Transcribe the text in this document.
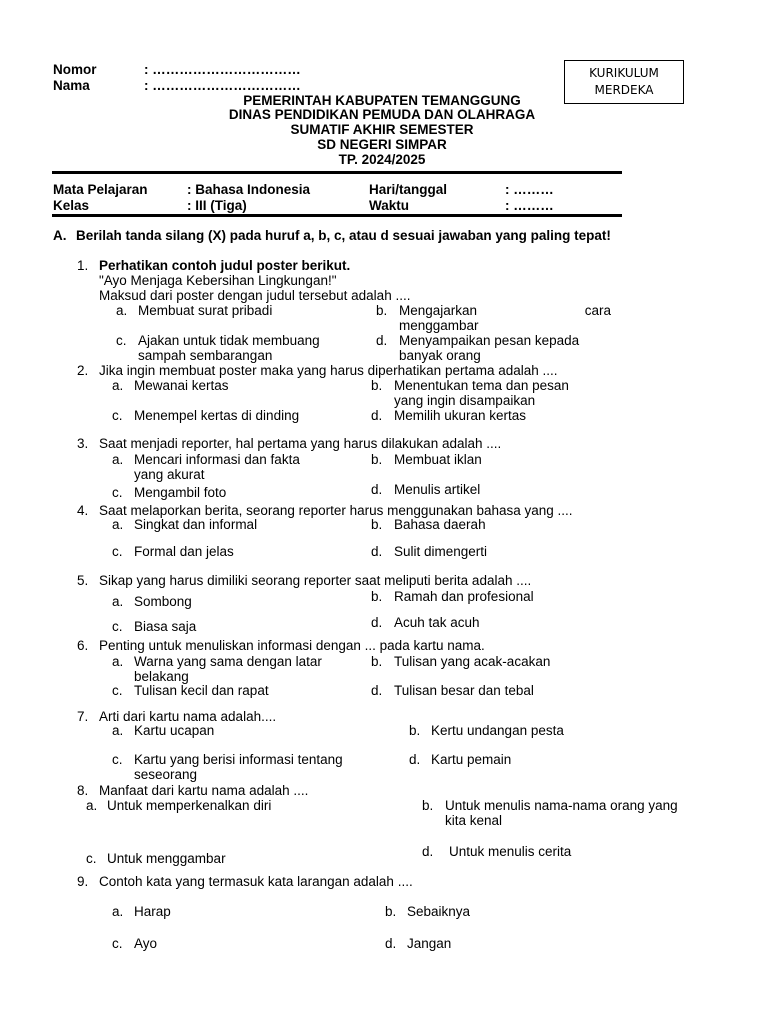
Nomor	: ……………………………
Nama	: ……………………………
KURIKULUM
MERDEKA
PEMERINTAH KABUPATEN TEMANGGUNG
DINAS PENDIDIKAN PEMUDA DAN OLAHRAGA
SUMATIF AKHIR SEMESTER
SD NEGERI SIMPAR
TP. 2024/2025
Mata Pelajaran	: Bahasa Indonesia	Hari/tanggal	: ………
Kelas	: III (Tiga)	Waktu	: ………
A. Berilah tanda silang (X) pada huruf a, b, c, atau d sesuai jawaban yang paling tepat!
1. Perhatikan contoh judul poster berikut.
"Ayo Menjaga Kebersihan Lingkungan!"
Maksud dari poster dengan judul tersebut adalah ....
a. Membuat surat pribadi	b. Mengajarkan	cara
menggambar
c. Ajakan untuk tidak membuang
sampah sembarangan
d. Menyampaikan pesan kepada
banyak orang
2. Jika ingin membuat poster maka yang harus diperhatikan pertama adalah ....
a. Mewanai kertas	b. Menentukan tema dan pesan
yang ingin disampaikan
c. Menempel kertas di dinding	d. Memilih ukuran kertas
3. Saat menjadi reporter, hal pertama yang harus dilakukan adalah ....
a. Mencari informasi dan fakta
yang akurat
b. Membuat iklan
c. Mengambil foto	d. Menulis artikel
4. Saat melaporkan berita, seorang reporter harus menggunakan bahasa yang ....
a. Singkat dan informal	b. Bahasa daerah
c. Formal dan jelas	d. Sulit dimengerti
5. Sikap yang harus dimiliki seorang reporter saat meliputi berita adalah ....
a. Sombong	b. Ramah dan profesional
c. Biasa saja	d. Acuh tak acuh
6. Penting untuk menuliskan informasi dengan ... pada kartu nama.
a. Warna yang sama dengan latar
belakang
b. Tulisan yang acak-acakan
c. Tulisan kecil dan rapat	d. Tulisan besar dan tebal
7. Arti dari kartu nama adalah....
a. Kartu ucapan	b. Kertu undangan pesta
c. Kartu yang berisi informasi tentang
seseorang
d. Kartu pemain
8. Manfaat dari kartu nama adalah ....
a. Untuk memperkenalkan diri	b. Untuk menulis nama-nama orang yang
kita kenal
c. Untuk menggambar	d. Untuk menulis cerita
9. Contoh kata yang termasuk kata larangan adalah ....
a. Harap	b. Sebaiknya
c. Ayo	d. Jangan
